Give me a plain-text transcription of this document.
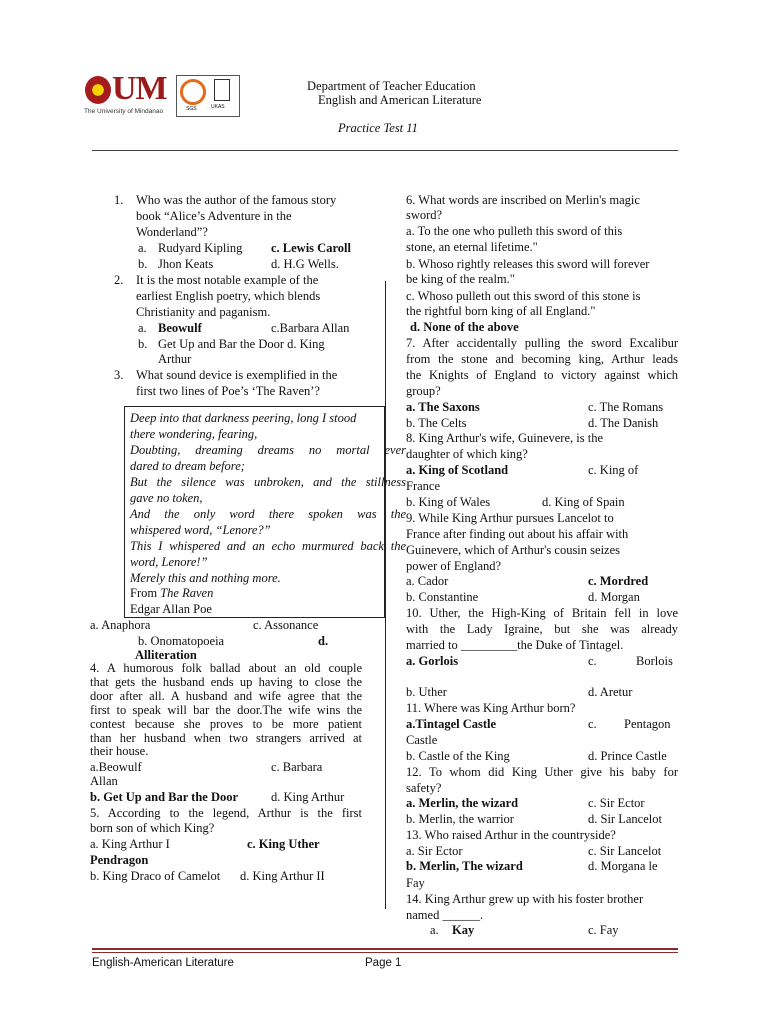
UM
The University of Mindanao	SGS	UKAS
Department of Teacher Education
English and American Literature
Practice Test 11
1. Who was the author of the famous story
book “Alice’s Adventure in the
Wonderland”?
a. Rudyard Kipling c. Lewis Caroll
b. Jhon Keats	d. H.G Wells.
2. It is the most notable example of the
earliest English poetry, which blends
Christianity and paganism.
a. Beowulf	c.Barbara Allan
b. Get Up and Bar the Door d. King
Arthur
3. What sound device is exemplified in the
first two lines of Poe’s ‘The Raven’?
Deep into that darkness peering, long I stood
there wondering, fearing,
Doubting, dreaming dreams no mortal ever
dared to dream before;
But the silence was unbroken, and the stillness
gave no token,
And the only word there spoken was the
whispered word, “Lenore?”
This I whispered and an echo murmured back the
word, Lenore!”
Merely this and nothing more.
From The Raven
Edgar Allan Poe
a. Anaphora	c. Assonance
b. Onomatopoeia	d.
Alliteration
4. A humorous folk ballad about an old couple
that gets the husband ends up having to close the
door after all. A husband and wife agree that the
first to speak will bar the door.The wife wins the
contest because she proves to be more patient
than her husband when two strangers arrived at
their house.
a.Beowulf	c. Barbara
Allan
b. Get Up and Bar the Door	d. King Arthur
5. According to the legend, Arthur is the first
born son of which King?
a. King Arthur I	c. King Uther
Pendragon
b. King Draco of Camelot d. King Arthur II
6. What words are inscribed on Merlin's magic
sword?
a. To the one who pulleth this sword of this
stone, an eternal lifetime."
b. Whoso rightly releases this sword will forever
be king of the realm."
c. Whoso pulleth out this sword of this stone is
the rightful born king of all England."
d. None of the above
7. After accidentally pulling the sword Excalibur
from the stone and becoming king, Arthur leads
the Knights of England to victory against which
group?
a. The Saxons	c. The Romans
b. The Celts	d. The Danish
8. King Arthur's wife, Guinevere, is the
daughter of which king?
a. King of Scotland	c. King of
France
b. King of Wales	d. King of Spain
9. While King Arthur pursues Lancelot to
France after finding out about his affair with
Guinevere, which of Arthur's cousin seizes
power of England?
a. Cador	c. Mordred
b. Constantine	d. Morgan
10. Uther, the High-King of Britain fell in love
with the Lady Igraine, but she was already
married to _________the Duke of Tintagel.
a. Gorlois	c.	Borlois
b. Uther	d. Aretur
11. Where was King Arthur born?
a.Tintagel Castle	c. Pentagon
Castle
b. Castle of the King	d. Prince Castle
12. To whom did King Uther give his baby for
safety?
a. Merlin, the wizard	c. Sir Ector
b. Merlin, the warrior	d. Sir Lancelot
13. Who raised Arthur in the countryside?
a. Sir Ector	c. Sir Lancelot
b. Merlin, The wizard	d. Morgana le
Fay
14. King Arthur grew up with his foster brother
named ______.
a. Kay	c. Fay
English-American Literature	Page 1
